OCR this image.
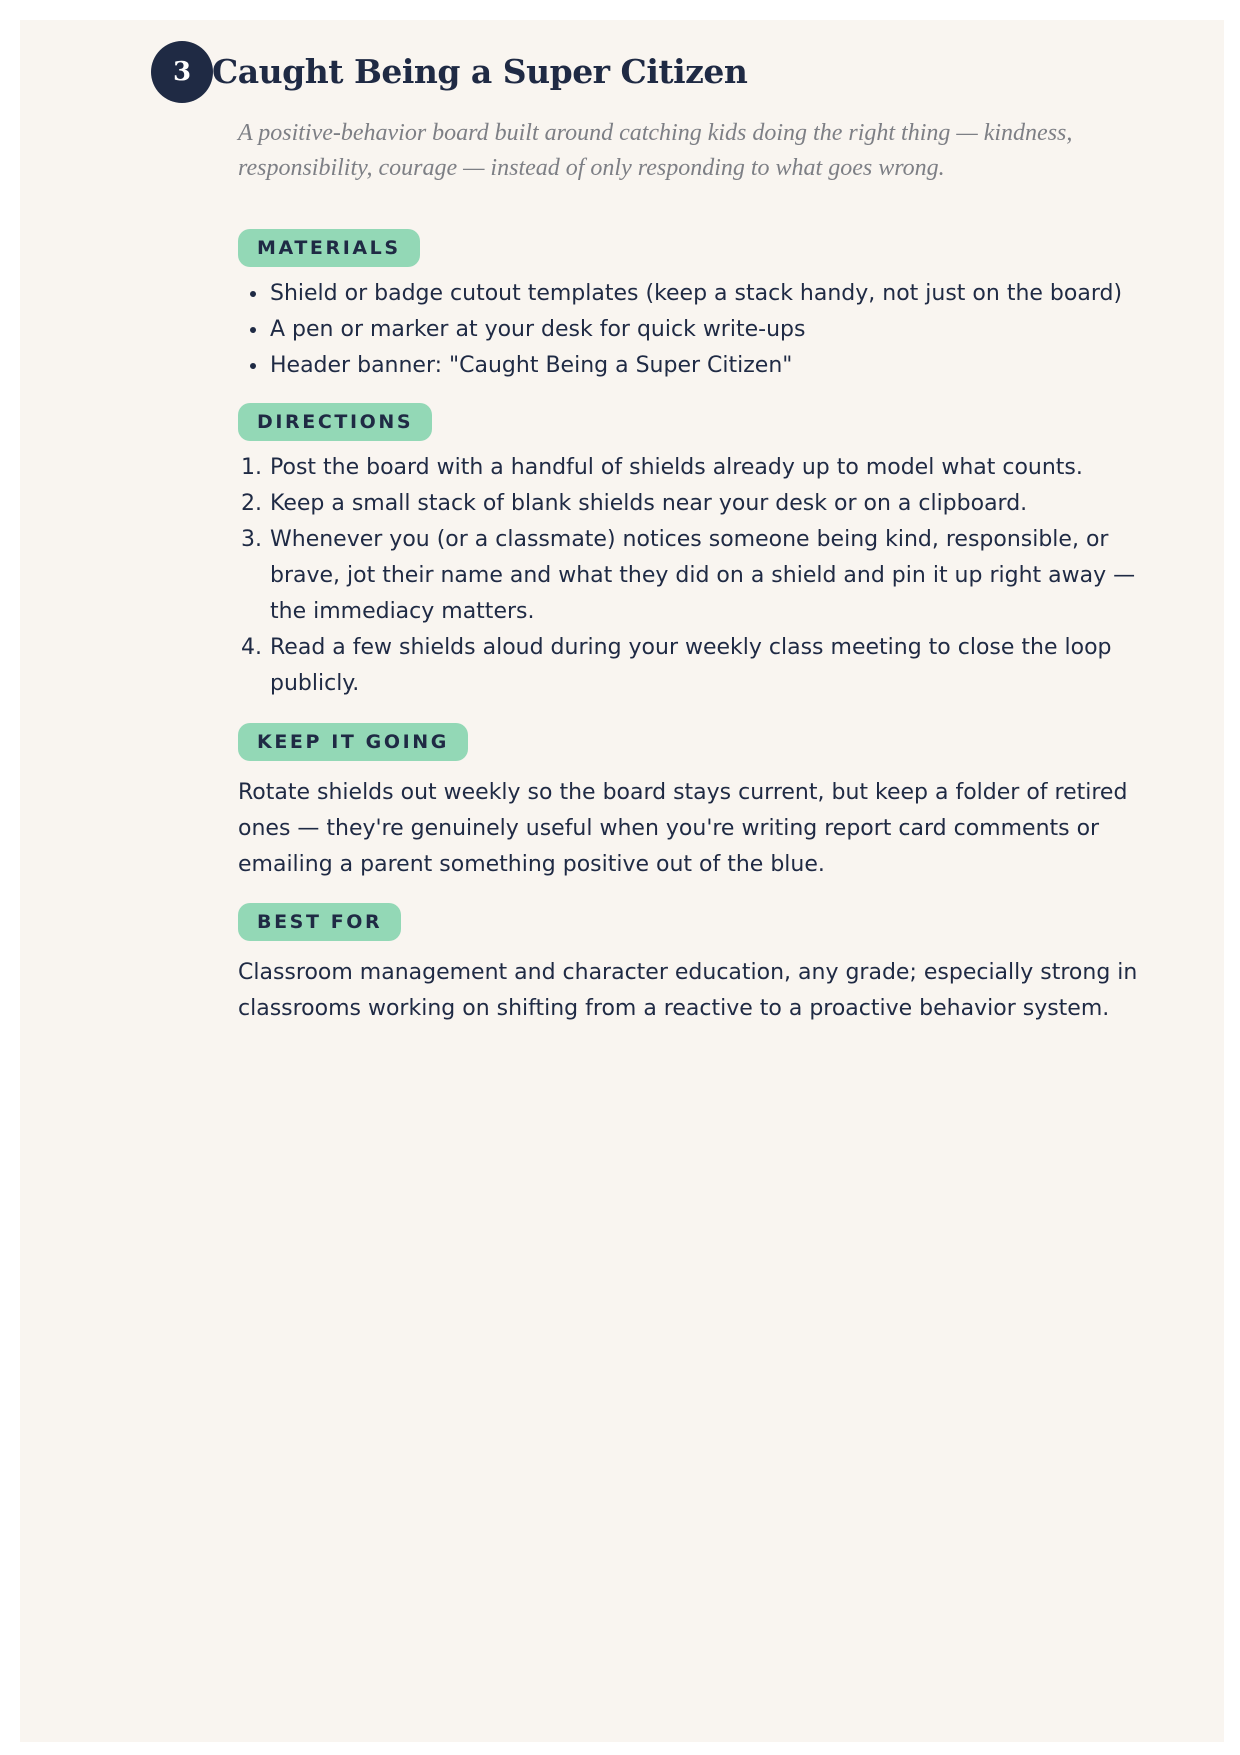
3 Caught Being a Super Citizen

A positive-behavior board built around catching kids doing the right thing — kindness, responsibility, courage — instead of only responding to what goes wrong.

MATERIALS
• Shield or badge cutout templates (keep a stack handy, not just on the board)
• A pen or marker at your desk for quick write-ups
• Header banner: "Caught Being a Super Citizen"
DIRECTIONS
1. Post the board with a handful of shields already up to model what counts.
2. Keep a small stack of blank shields near your desk or on a clipboard.
3. Whenever you (or a classmate) notices someone being kind, responsible, or brave, jot their name and what they did on a shield and pin it up right away — the immediacy matters.
4. Read a few shields aloud during your weekly class meeting to close the loop publicly.
KEEP IT GOING

Rotate shields out weekly so the board stays current, but keep a folder of retired ones — they're genuinely useful when you're writing report card comments or emailing a parent something positive out of the blue.

BEST FOR

Classroom management and character education, any grade; especially strong in classrooms working on shifting from a reactive to a proactive behavior system.
